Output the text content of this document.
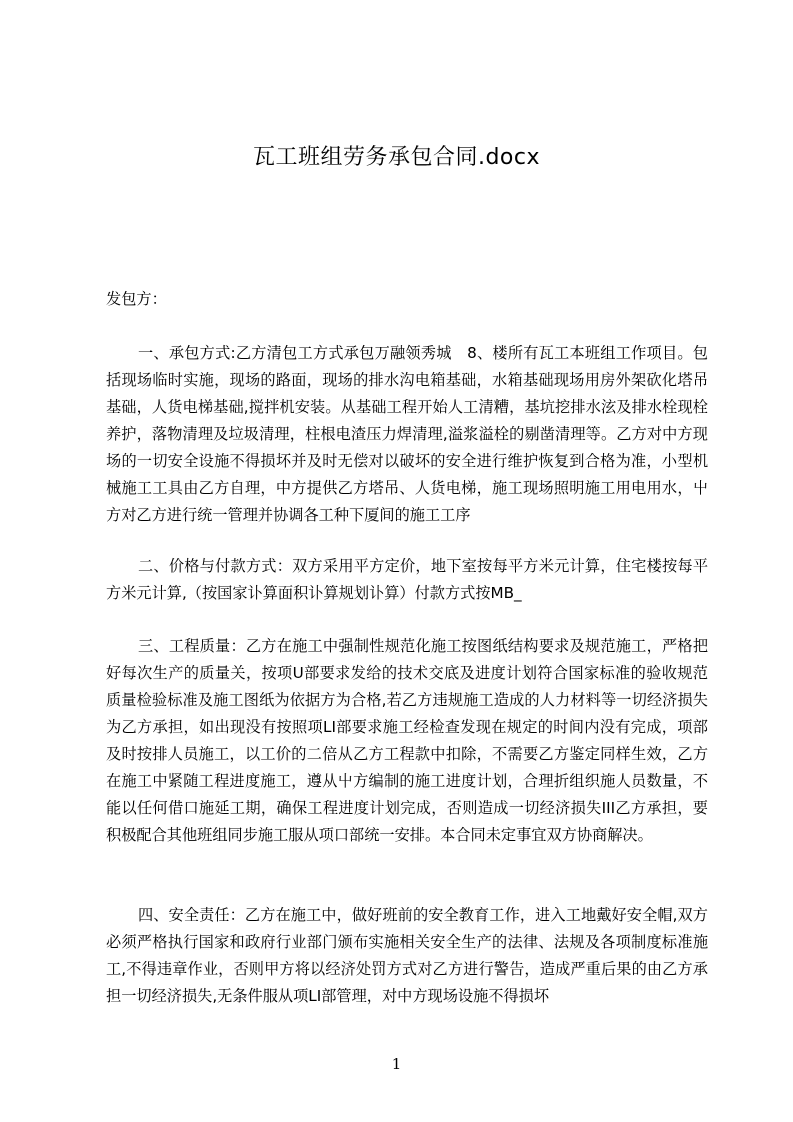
瓦工班组劳务承包合同.docx
发包方：

一、承包方式:乙方清包工方式承包万融领秀城　8、楼所有瓦工本班组工作项目。包括现场临时实施，现场的路面，现场的排水沟电箱基础，水箱基础现场用房外架砍化塔吊基础，人货电梯基础,搅拌机安装。从基础工程开始人工清糟，基坑挖排水泫及排水栓现栓养护，落物清理及垃圾清理，柱根电渣压力焊清理,溢浆溢栓的剔凿清理等。乙方对中方现场的一切安全设施不得损坏并及时无偿对以破坏的安全进行维护恢复到合格为准，小型机械施工工具由乙方自理，中方提供乙方塔吊、人货电梯，施工现场照明施工用电用水，屮方对乙方进行统一管理并协调各工种下厦间的施工工序

二、价格与付款方式：双方采用平方定价，地下室按每平方米元计算，住宅楼按每平方米元计算,（按国家讣算面积讣算规划讣算）付款方式按MB_

三、工程质量：乙方在施工中强制性规范化施工按图纸结构要求及规范施工，严格把好每次生产的质量关，按项U部要求发给的技术交底及进度计划符合国家标准的验收规范质量检验标准及施工图纸为依据方为合格,若乙方违规施工造成的人力材料等一切经济损失为乙方承担，如出现没有按照项LI部要求施工经检查发现在规定的时间内没有完成，项部及时按排人员施工，以工价的二倍从乙方工程款中扣除，不需要乙方鉴定同样生效，乙方在施工中紧随工程进度施工，遵从屮方编制的施工进度计划，合理折组织施人员数量，不能以任何借口施延工期，确保工程进度计划完成，否则造成一切经济损失III乙方承担，要积极配合其他班组同步施工服从项口部统一安排。本合同未定事宜双方协商解决。

四、安全责任：乙方在施工中，做好班前的安全教育工作，进入工地戴好安全帽,双方必须严格执行国家和政府行业部门颁布实施相关安全生产的法律、法规及各项制度标准施工,不得违章作业，否则甲方将以经济处罚方式对乙方进行警告，造成严重后果的由乙方承担一切经济损失,无条件服从项LI部管理，对中方现场设施不得损坏

1
